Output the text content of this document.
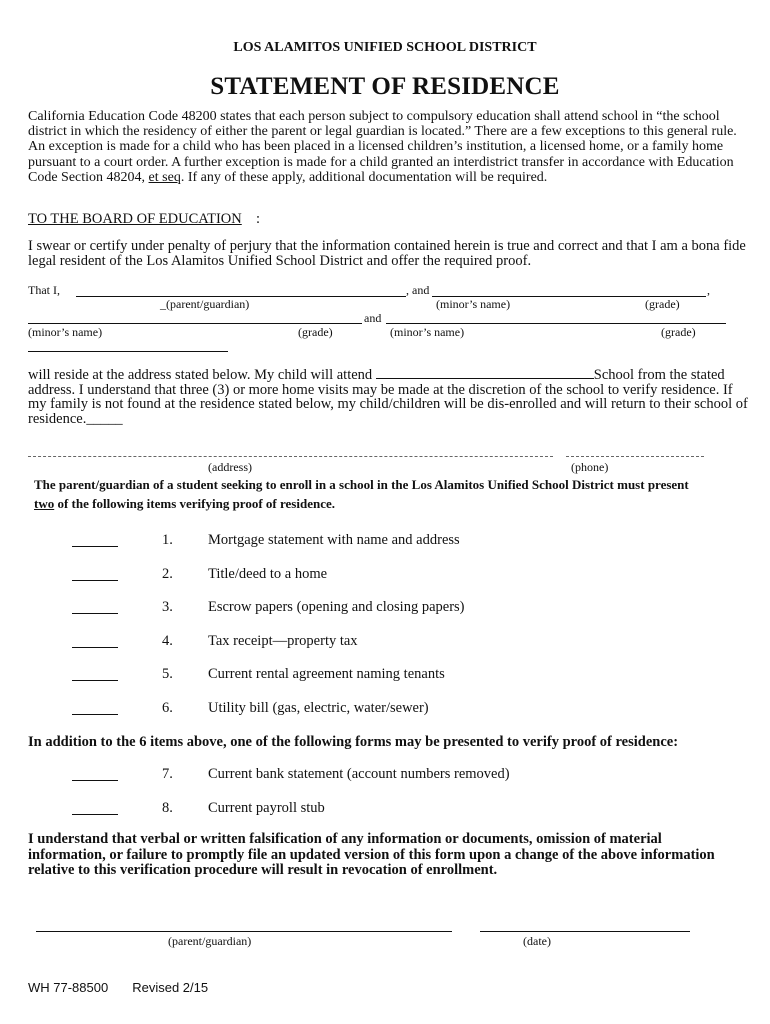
LOS ALAMITOS UNIFIED SCHOOL DISTRICT
STATEMENT OF RESIDENCE
California Education Code 48200 states that each person subject to compulsory education shall attend school in “the school district in which the residency of either the parent or legal guardian is located.” There are a few exceptions to this general rule. An exception is made for a child who has been placed in a licensed children’s institution, a licensed home, or a family home pursuant to a court order. A further exception is made for a child granted an interdistrict transfer in accordance with Education Code Section 48204, et seq. If any of these apply, additional documentation will be required.
TO THE BOARD OF EDUCATION :
I swear or certify under penalty of perjury that the information contained herein is true and correct and that I am a bona fide legal resident of the Los Alamitos Unified School District and offer the required proof.
That I,	, and	,
_(parent/guardian)	(minor’s name)	(grade)
and
(minor’s name)	(grade)	(minor’s name)	(grade)
will reside at the address stated below. My child will attend	School from the stated address. I understand that three (3) or more home visits may be made at the discretion of the school to verify residence. If my family is not found at the residence stated below, my child/children will be dis-enrolled and will return to their school of residence._____
(address)	(phone)
The parent/guardian of a student seeking to enroll in a school in the Los Alamitos Unified School District must present
two of the following items verifying proof of residence.
1. Mortgage statement with name and address
2. Title/deed to a home
3. Escrow papers (opening and closing papers)
4. Tax receipt—property tax
5. Current rental agreement naming tenants
6. Utility bill (gas, electric, water/sewer)
In addition to the 6 items above, one of the following forms may be presented to verify proof of residence:
7. Current bank statement (account numbers removed)
8. Current payroll stub
I understand that verbal or written falsification of any information or documents, omission of material information, or failure to promptly file an updated version of this form upon a change of the above information relative to this verification procedure will result in revocation of enrollment.
(parent/guardian)	(date)
WH 77-88500 Revised 2/15
